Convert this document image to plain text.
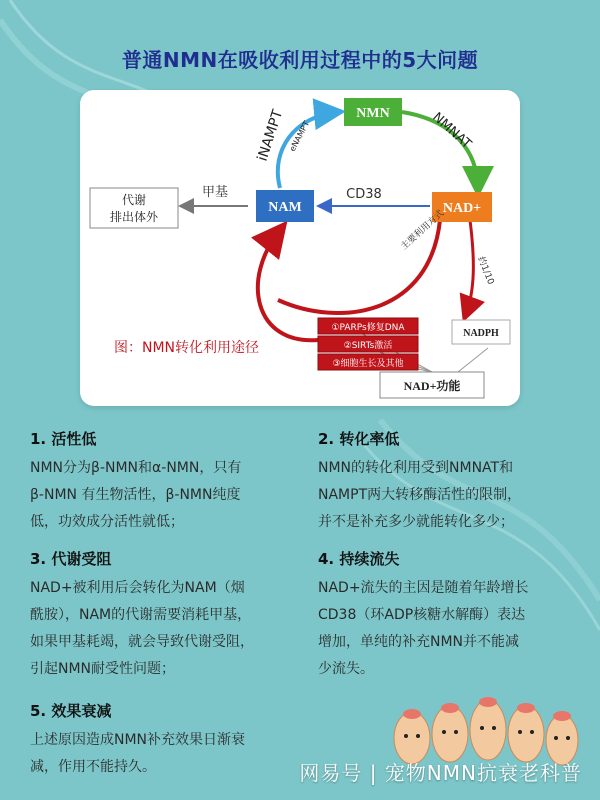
普通NMN在吸收利用过程中的5大问题
NMN
NAM	NAD+
代谢
排出体外
NADPH
NAD+功能
①PARPs修复DNA
②SIRTs激活
③细胞生长及其他
iNAMPT eNAMPT	NMNAT
CD38
甲基
主要利用方式
约1/10
图：NMN转化利用途径
1. 活性低

NMN分为β-NMN和α-NMN，只有
β-NMN 有生物活性，β-NMN纯度
低，功效成分活性就低；

2. 转化率低

NMN的转化利用受到NMNAT和
NAMPT两大转移酶活性的限制，
并不是补充多少就能转化多少；

3. 代谢受阻

NAD+被利用后会转化为NAM（烟
酰胺），NAM的代谢需要消耗甲基，
如果甲基耗竭，就会导致代谢受阻，
引起NMN耐受性问题；

4. 持续流失

NAD+流失的主因是随着年龄增长
CD38（环ADP核糖水解酶）表达
增加，单纯的补充NMN并不能减
少流失。

5. 效果衰减

上述原因造成NMN补充效果日渐衰
减，作用不能持久。	网易号 | 宠物NMN抗衰老科普
